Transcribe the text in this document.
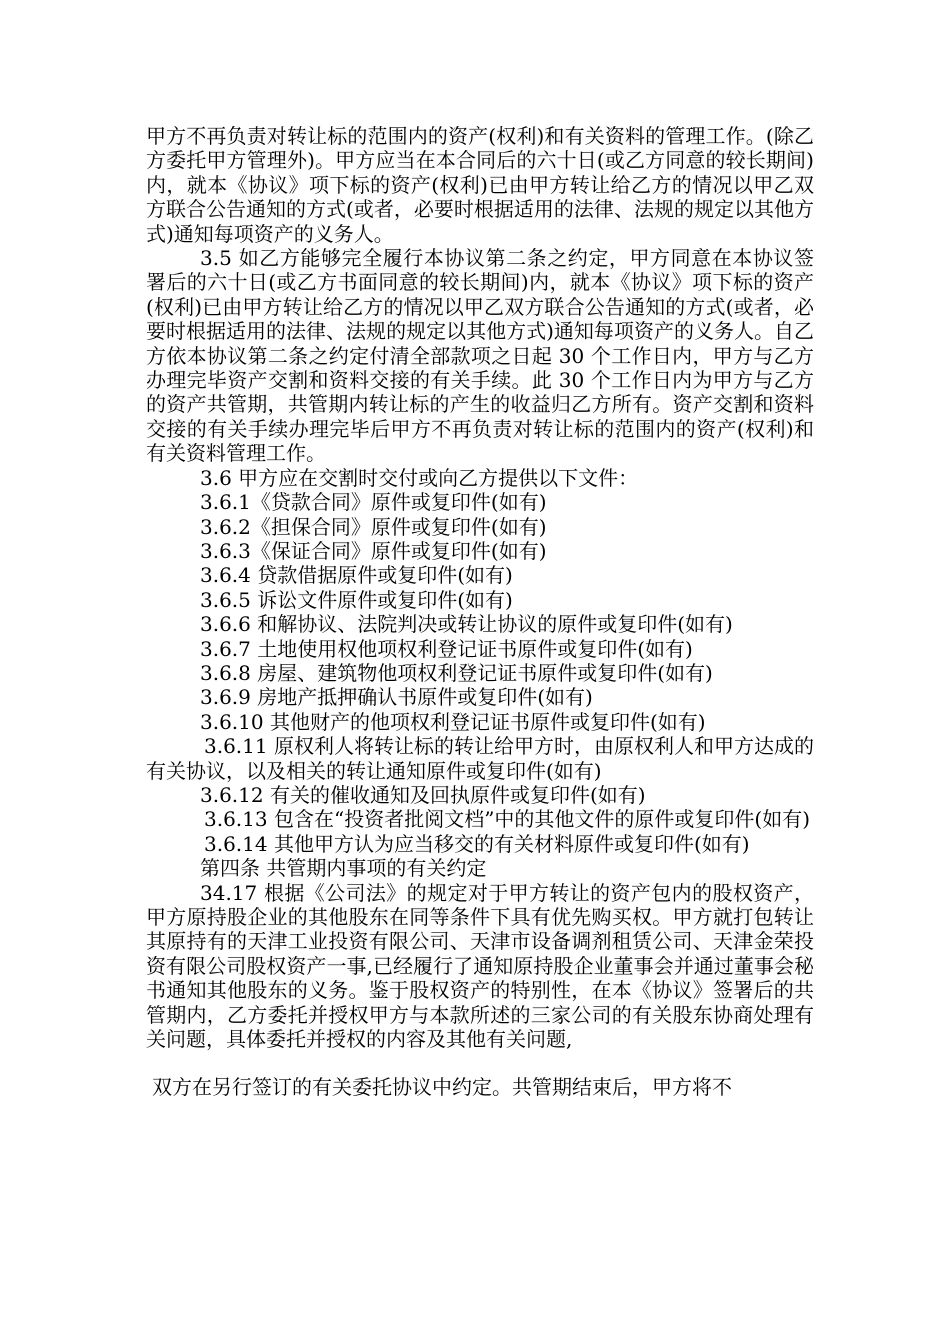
甲方不再负责对转让标的范围内的资产(权利)和有关资料的管理工作。(除乙方委托甲方管理外)。甲方应当在本合同后的六十日(或乙方同意的较长期间)内，就本《协议》项下标的资产(权利)已由甲方转让给乙方的情况以甲乙双方联合公告通知的方式(或者，必要时根据适用的法律、法规的规定以其他方式)通知每项资产的义务人。

3.5 如乙方能够完全履行本协议第二条之约定，甲方同意在本协议签署后的六十日(或乙方书面同意的较长期间)内，就本《协议》项下标的资产(权利)已由甲方转让给乙方的情况以甲乙双方联合公告通知的方式(或者，必要时根据适用的法律、法规的规定以其他方式)通知每项资产的义务人。自乙方依本协议第二条之约定付清全部款项之日起 30 个工作日内，甲方与乙方办理完毕资产交割和资料交接的有关手续。此 30 个工作日内为甲方与乙方的资产共管期，共管期内转让标的产生的收益归乙方所有。资产交割和资料交接的有关手续办理完毕后甲方不再负责对转让标的范围内的资产(权利)和有关资料管理工作。

3.6 甲方应在交割时交付或向乙方提供以下文件：

3.6.1《贷款合同》原件或复印件(如有)

3.6.2《担保合同》原件或复印件(如有)

3.6.3《保证合同》原件或复印件(如有)

3.6.4 贷款借据原件或复印件(如有)

3.6.5 诉讼文件原件或复印件(如有)

3.6.6 和解协议、法院判决或转让协议的原件或复印件(如有)

3.6.7 土地使用权他项权利登记证书原件或复印件(如有)

3.6.8 房屋、建筑物他项权利登记证书原件或复印件(如有)

3.6.9 房地产抵押确认书原件或复印件(如有)

3.6.10 其他财产的他项权利登记证书原件或复印件(如有)

3.6.11 原权利人将转让标的转让给甲方时，由原权利人和甲方达成的有关协议，以及相关的转让通知原件或复印件(如有)

3.6.12 有关的催收通知及回执原件或复印件(如有)

3.6.13 包含在“投资者批阅文档”中的其他文件的原件或复印件(如有)

3.6.14 其他甲方认为应当移交的有关材料原件或复印件(如有)

第四条 共管期内事项的有关约定

34.17 根据《公司法》的规定对于甲方转让的资产包内的股权资产，甲方原持股企业的其他股东在同等条件下具有优先购买权。甲方就打包转让其原持有的天津工业投资有限公司、天津市设备调剂租赁公司、天津金荣投资有限公司股权资产一事,已经履行了通知原持股企业董事会并通过董事会秘书通知其他股东的义务。鉴于股权资产的特别性，在本《协议》签署后的共管期内，乙方委托并授权甲方与本款所述的三家公司的有关股东协商处理有关问题，具体委托并授权的内容及其他有关问题,

双方在另行签订的有关委托协议中约定。共管期结束后，甲方将不
